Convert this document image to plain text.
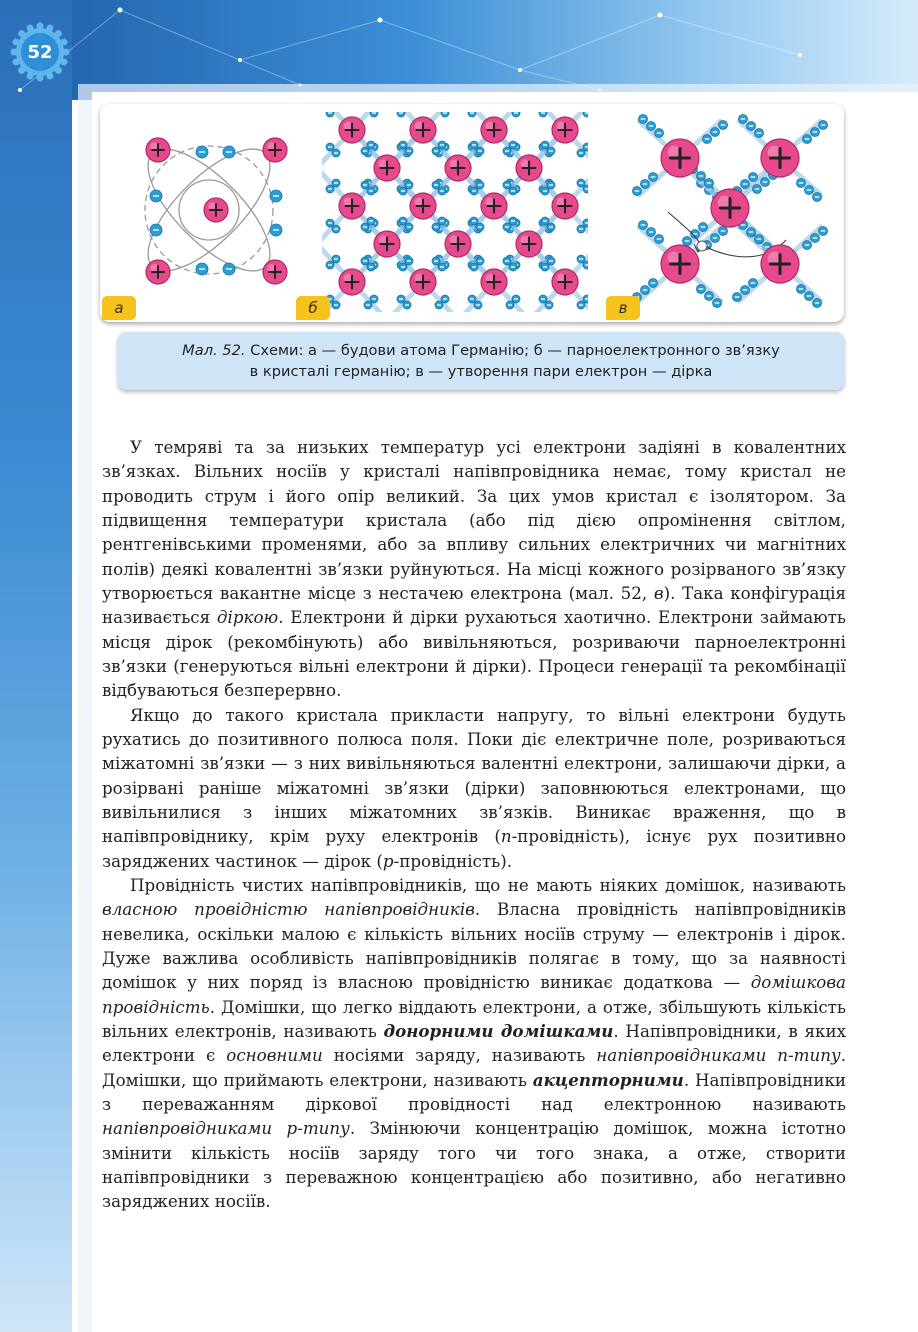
52
а	б	в
Мал. 52. Схеми: а — будови атома Германію; б — парноелектронного зв’язку
в кристалі германію; в — утворення пари електрон — дірка

У темряві та за низьких температур усі електрони задіяні в ковалентних зв’язках. Вільних носіїв у кристалі напівпровідника немає, тому кристал не проводить струм і його опір великий. За цих умов кристал є ізолятором. За підвищення температури кристала (або під дією опромінення світлом, рентгенівськими променями, або за впливу сильних електричних чи магнітних полів) деякі ковалентні зв’язки руйнуються. На місці кожного розірваного зв’язку утворюється вакантне місце з нестачею електрона (мал. 52, в). Така конфігурація називається діркою. Електрони й дірки рухаються хаотично. Електрони займають місця дірок (рекомбінують) або вивільняються, розриваючи парноелектронні зв’язки (генеруються вільні електрони й дірки). Процеси генерації та рекомбінації відбуваються безперервно.

Якщо до такого кристала прикласти напругу, то вільні електрони будуть рухатись до позитивного полюса поля. Поки діє електричне поле, розриваються міжатомні зв’язки — з них вивільняються валентні електрони, залишаючи дірки, а розірвані раніше міжатомні зв’язки (дірки) заповнюються електронами, що вивільнилися з інших міжатомних зв’язків. Виникає враження, що в напівпровіднику, крім руху електронів (n-провідність), існує рух позитивно заряджених частинок — дірок (p-провідність).

Провідність чистих напівпровідників, що не мають ніяких домішок, називають власною провідністю напівпровідників. Власна провідність напівпровідників невелика, оскільки малою є кількість вільних носіїв струму — електронів і дірок. Дуже важлива особливість напівпровідників полягає в тому, що за наявності домішок у них поряд із власною провідністю виникає додаткова — домішкова провідність. Домішки, що легко віддають електрони, а отже, збільшують кількість вільних електронів, називають донорними домішками. Напівпровідники, в яких електрони є основними носіями заряду, називають напівпровідниками n-типу. Домішки, що приймають електрони, називають акцепторними. Напівпровідники з переважанням діркової провідності над електронною називають напівпровідниками p-типу. Змінюючи концентрацію домішок, можна істотно змінити кількість носіїв заряду того чи того знака, а отже, створити напівпровідники з переважною концентрацією або позитивно, або негативно заряджених носіїв.
